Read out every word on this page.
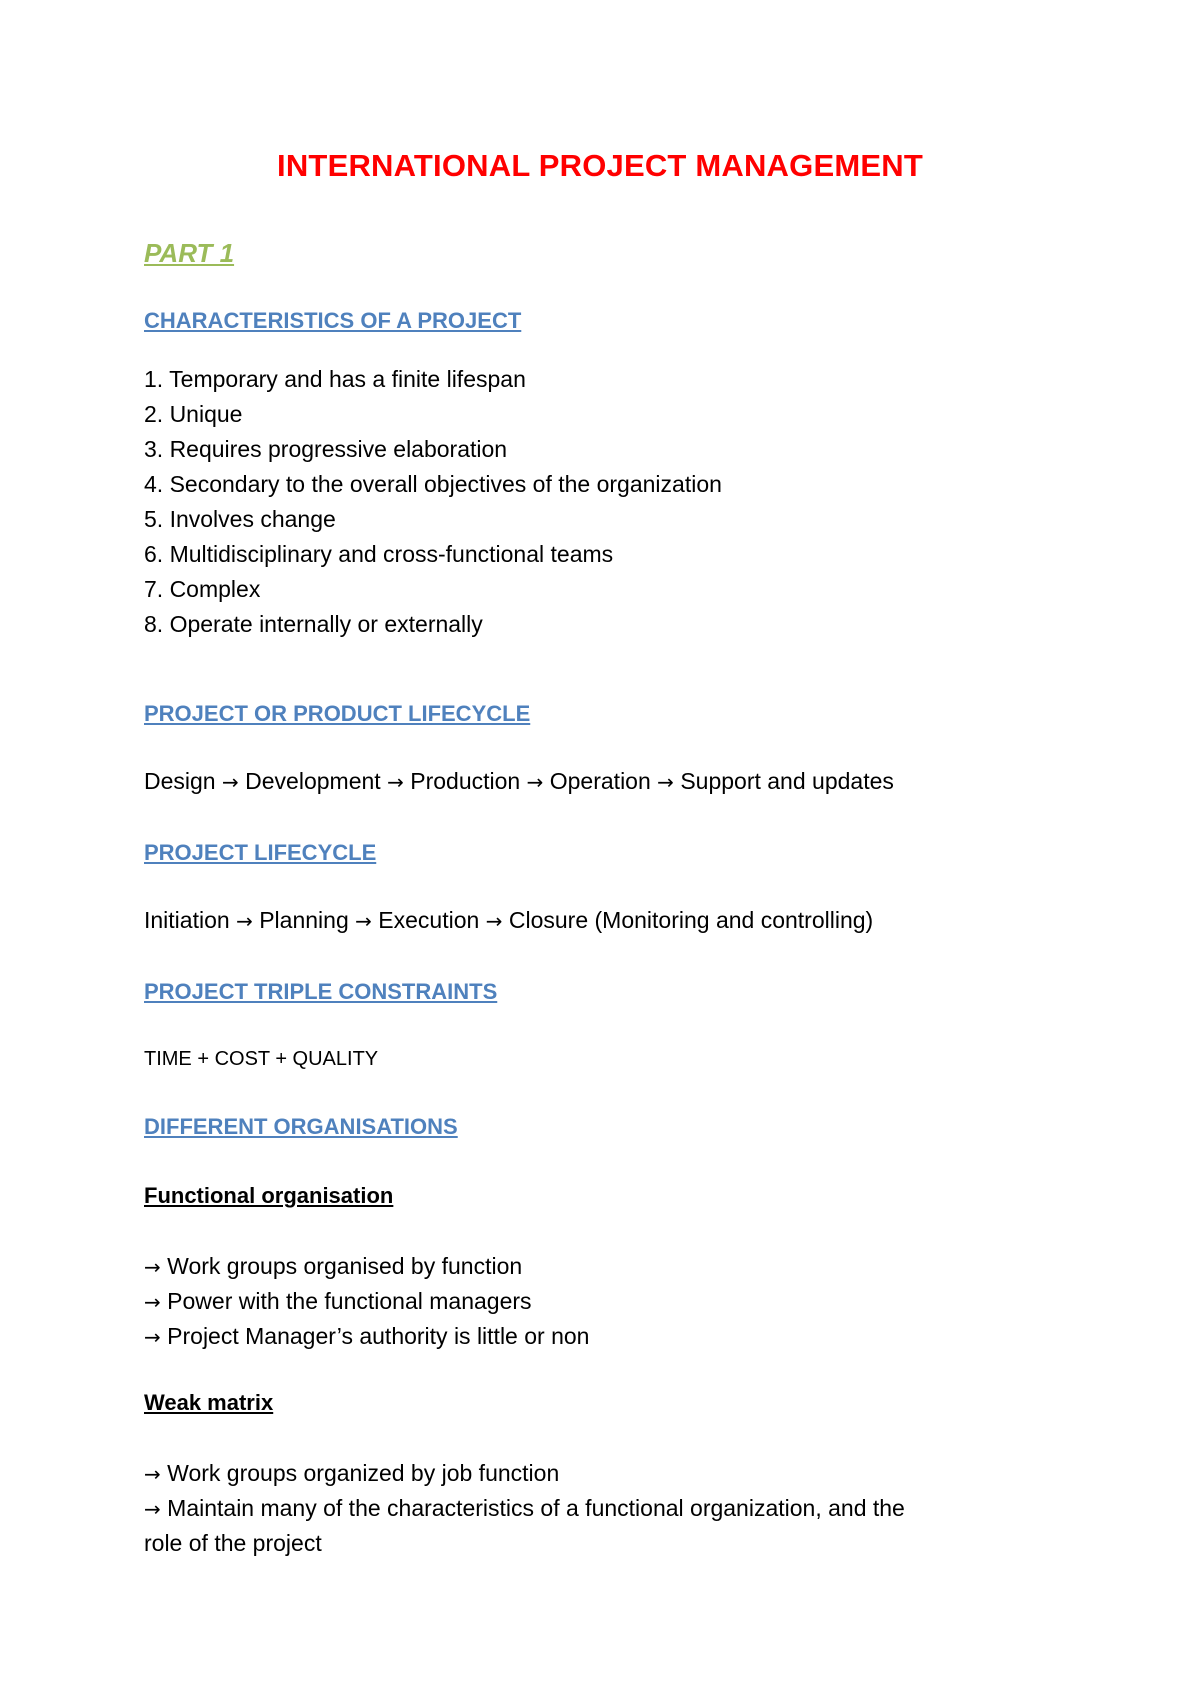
INTERNATIONAL PROJECT MANAGEMENT
PART 1
CHARACTERISTICS OF A PROJECT
1. Temporary and has a finite lifespan
2. Unique
3. Requires progressive elaboration
4. Secondary to the overall objectives of the organization
5. Involves change
6. Multidisciplinary and cross-functional teams
7. Complex
8. Operate internally or externally
PROJECT OR PRODUCT LIFECYCLE
Design → Development → Production → Operation → Support and updates
PROJECT LIFECYCLE
Initiation → Planning → Execution → Closure (Monitoring and controlling)
PROJECT TRIPLE CONSTRAINTS
TIME + COST + QUALITY
DIFFERENT ORGANISATIONS
Functional organisation
→ Work groups organised by function
→ Power with the functional managers
→ Project Manager’s authority is little or non
Weak matrix
→ Work groups organized by job function
→ Maintain many of the characteristics of a functional organization, and the
role of the project
